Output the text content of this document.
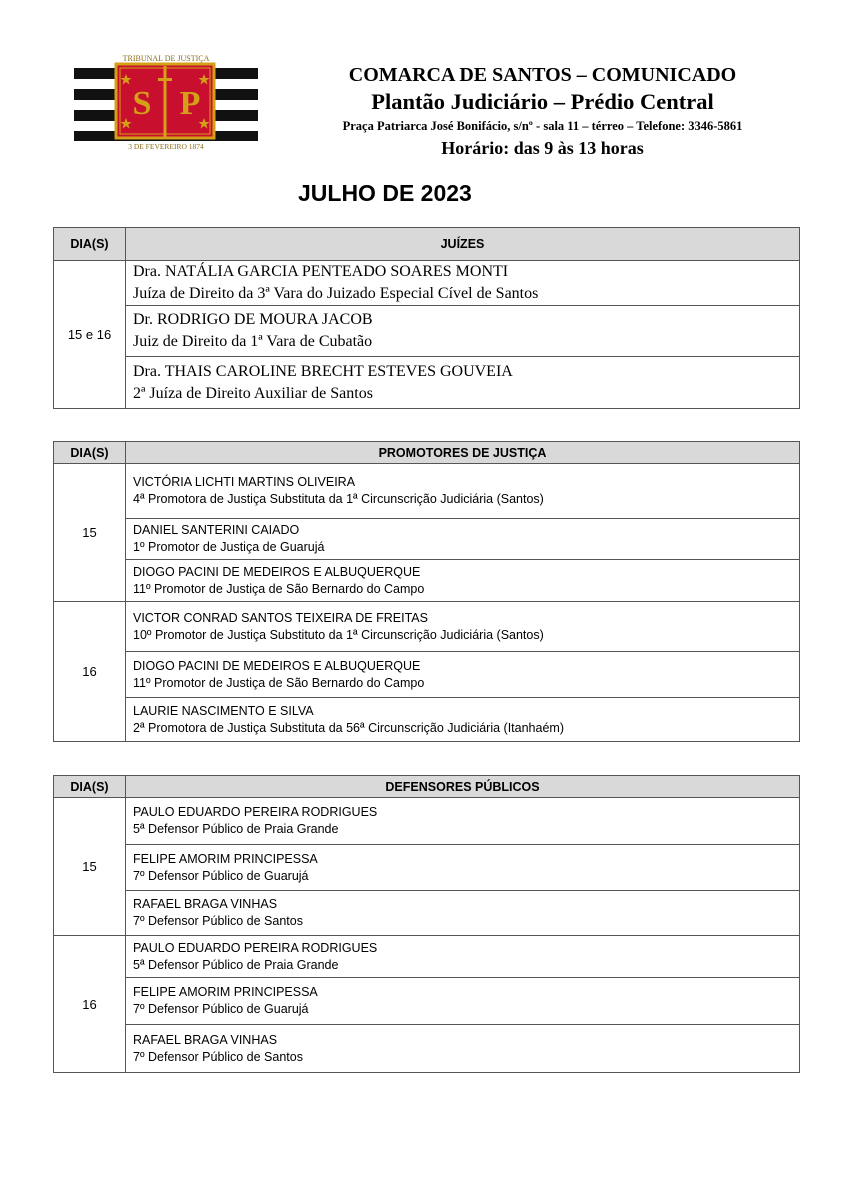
S P
TRIBUNAL DE JUSTIÇA
3 DE FEVEREIRO 1874
COMARCA DE SANTOS – COMUNICADO
Plantão Judiciário – Prédio Central
Praça Patriarca José Bonifácio, s/nº - sala 11 – térreo – Telefone: 3346-5861
Horário: das 9 às 13 horas
JULHO DE 2023
DIA(S)	JUÍZES
15 e 16	Dra. NATÁLIA GARCIA PENTEADO SOARES MONTI
Juíza de Direito da 3ª Vara do Juizado Especial Cível de Santos

	Dr. RODRIGO DE MOURA JACOB
Juiz de Direito da 1ª Vara de Cubatão

	Dra. THAIS CAROLINE BRECHT ESTEVES GOUVEIA
2ª Juíza de Direito Auxiliar de Santos
DIA(S)	PROMOTORES DE JUSTIÇA
15	VICTÓRIA LICHTI MARTINS OLIVEIRA
4ª Promotora de Justiça Substituta da 1ª Circunscrição Judiciária (Santos)

	DANIEL SANTERINI CAIADO
1º Promotor de Justiça de Guarujá

	DIOGO PACINI DE MEDEIROS E ALBUQUERQUE
11º Promotor de Justiça de São Bernardo do Campo

16	VICTOR CONRAD SANTOS TEIXEIRA DE FREITAS
10º Promotor de Justiça Substituto da 1ª Circunscrição Judiciária (Santos)

	DIOGO PACINI DE MEDEIROS E ALBUQUERQUE
11º Promotor de Justiça de São Bernardo do Campo

	LAURIE NASCIMENTO E SILVA
2ª Promotora de Justiça Substituta da 56ª Circunscrição Judiciária (Itanhaém)
DIA(S)	DEFENSORES PÚBLICOS
15	PAULO EDUARDO PEREIRA RODRIGUES
5ª Defensor Público de Praia Grande

	FELIPE AMORIM PRINCIPESSA
7º Defensor Público de Guarujá

	RAFAEL BRAGA VINHAS
7º Defensor Público de Santos

16	PAULO EDUARDO PEREIRA RODRIGUES
5ª Defensor Público de Praia Grande

	FELIPE AMORIM PRINCIPESSA
7º Defensor Público de Guarujá

	RAFAEL BRAGA VINHAS
7º Defensor Público de Santos
